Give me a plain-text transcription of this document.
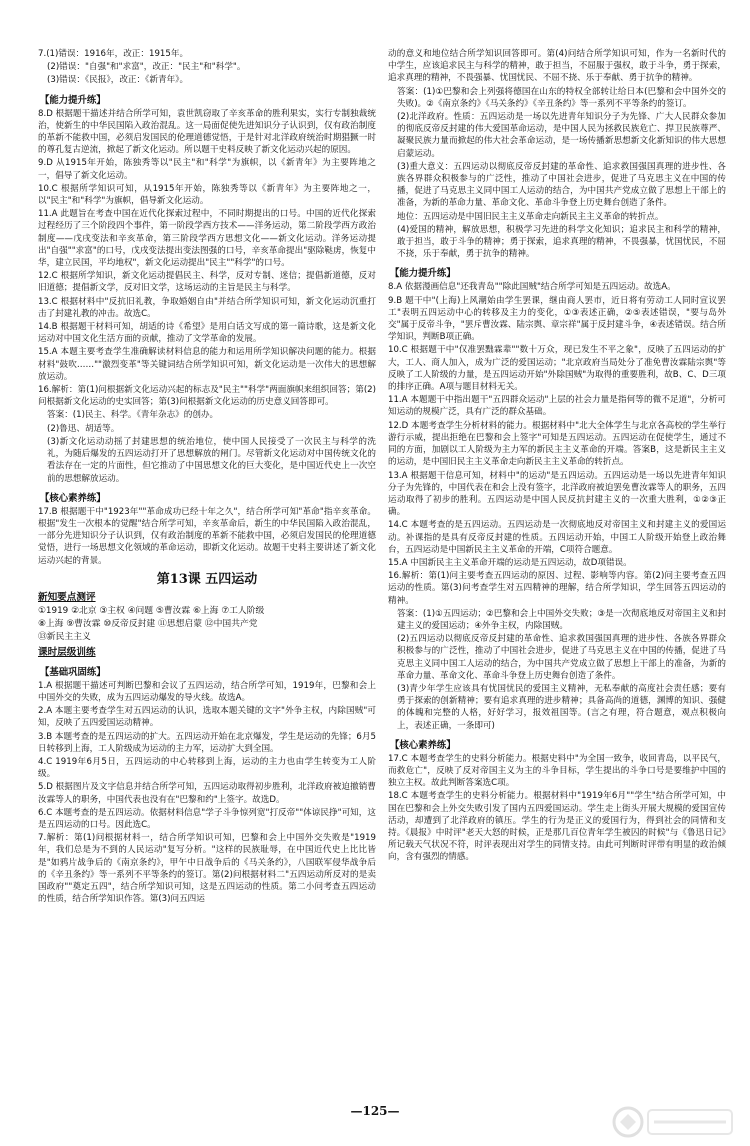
7.(1)错误：1916年，改正：1915年。
(2)错误："自强"和"求富"，改正："民主"和"科学"。
(3)错误：《民报》，改正：《新青年》。
【能力提升练】
8.D 根据题干描述并结合所学可知，袁世凯窃取了辛亥革命的胜利果实，实行专制独裁统治，使新生的中华民国陷入政治混乱。这一局面促使先进知识分子认识到，仅有政治制度的革新不能救中国，必须启发国民的伦理道德觉悟，于是针对北洋政府统治时期猖獗一时的尊孔复古逆流，掀起了新文化运动。所以题干史料反映了新文化运动兴起的原因。
9.D 从1915年开始，陈独秀等以"民主"和"科学"为旗帜，以《新青年》为主要阵地之一，倡导了新文化运动。
10.C 根据所学知识可知，从1915年开始，陈独秀等以《新青年》为主要阵地之一，以"民主"和"科学"为旗帜，倡导新文化运动。
11.A 此题旨在考查中国在近代化探索过程中，不同时期提出的口号。中国的近代化探索过程经历了三个阶段四个事件，第一阶段学西方技术——洋务运动，第二阶段学西方政治制度——戊戌变法和辛亥革命，第三阶段学西方思想文化——新文化运动。洋务运动提出"自强""求富"的口号，戊戌变法提出变法图强的口号，辛亥革命提出"驱除鞑虏，恢复中华，建立民国，平均地权"，新文化运动提出"民主""科学"的口号。
12.C 根据所学知识，新文化运动提倡民主、科学，反对专制、迷信；提倡新道德，反对旧道德；提倡新文学，反对旧文学，这场运动的主旨是民主与科学。
13.C 根据材料中"反抗旧礼教，争取婚姻自由"并结合所学知识可知，新文化运动沉重打击了封建礼教的冲击。故选C。
14.B 根据题干材料可知，胡适的诗《希望》是用白话文写成的第一篇诗歌，这是新文化运动对中国文化生活方面的贡献，推动了文学革命的发展。
15.A 本题主要考查学生准确解读材料信息的能力和运用所学知识解决问题的能力。根据材料"鼓吹……""激烈变革"等关键词结合所学知识可知，新文化运动是一次伟大的思想解放运动。
16.解析：第(1)问根据新文化运动兴起的标志及"民主""科学"两面旗帜来组织回答；第(2)问根据新文化运动的史实回答；第(3)问根据新文化运动的历史意义回答即可。
答案：(1)民主、科学。《青年杂志》的创办。
(2)鲁迅、胡适等。
(3)新文化运动动摇了封建思想的统治地位，使中国人民接受了一次民主与科学的洗礼，为随后爆发的五四运动打开了思想解放的闸门。尽管新文化运动对中国传统文化的看法存在一定的片面性，但它推动了中国思想文化的巨大变化，是中国近代史上一次空前的思想解放运动。
【核心素养练】
17.B 根据题干中"1923年""革命成功已经十年之久"，结合所学可知"革命"指辛亥革命。根据"发生一次根本的觉醒"结合所学可知，辛亥革命后，新生的中华民国陷入政治混乱，一部分先进知识分子认识到，仅有政治制度的革新不能救中国，必须启发国民的伦理道德觉悟，进行一场思想文化领域的革命运动，即新文化运动。故题干史料主要讲述了新文化运动兴起的背景。
第13课 五四运动
新知要点测评
①1919 ②北京 ③主权 ④问题 ⑤曹汝霖 ⑥上海 ⑦工人阶级
⑧上海 ⑨曹汝霖 ⑩反帝反封建 ⑪思想启蒙 ⑫中国共产党
⑬新民主主义
课时层级训练
【基础巩固练】
1.A 根据题干描述可判断巴黎和会议了五四运动，结合所学可知，1919年，巴黎和会上中国外交的失败，成为五四运动爆发的导火线。故选A。
2.A 本题主要考查学生对五四运动的认识，选取本题关键的文字"外争主权，内除国贼"可知，反映了五四爱国运动精神。
3.B 本题考查的是五四运动的扩大。五四运动开始在北京爆发，学生是运动的先锋；6月5日转移到上海，工人阶级成为运动的主力军，运动扩大到全国。
4.C 1919年6月5日，五四运动的中心转移到上海，运动的主力也由学生转变为工人阶级。
5.D 根据图片及文字信息并结合所学可知，五四运动取得初步胜利，北洋政府被迫撤销曹汝霖等人的职务，中国代表也没有在"巴黎和约"上签字。故选D。
6.C 本题考查的是五四运动。依据材料信息"学子斗争惊列宽"打反帝""体谅民挣"可知，这是五四运动的口号。因此选C。
7.解析：第(1)问根据材料一，结合所学知识可知，巴黎和会上中国外交失败是"1919年，我们总是为不到的人民运动"复写分析。"这样的民族耻辱，在中国近代史上比比皆是"如鸦片战争后的《南京条约》，甲午中日战争后的《马关条约》，八国联军侵华战争后的《辛丑条约》等一系列不平等条约的签订。第(2)问根据材料二"五四运动所反对的是卖国政府""奠定五四"，结合所学知识可知，这是五四运动的性质。第二小问考查五四运动的性质，结合所学知识作答。第(3)问五四运
动的意义和地位结合所学知识回答即可。第(4)问结合所学知识可知，作为一名新时代的中学生，应该追求民主与科学的精神，敢于担当，不屈服于强权，敢于斗争，勇于探索，追求真理的精神，不畏强暴、忧国忧民、不屈不挠、乐于奉献、勇于抗争的精神。
答案：(1)①巴黎和会上列强将德国在山东的特权全部转让给日本(巴黎和会中国外交的失败)。②《南京条约》《马关条约》《辛丑条约》等一系列不平等条约的签订。
(2)北洋政府。性质：五四运动是一场以先进青年知识分子为先锋、广大人民群众参加的彻底反帝反封建的伟大爱国革命运动，是中国人民为拯救民族危亡、捍卫民族尊严、凝聚民族力量而掀起的伟大社会革命运动，是一场传播新思想新文化新知识的伟大思想启蒙运动。
(3)重大意义：五四运动以彻底反帝反封建的革命性、追求救国强国真理的进步性、各族各界群众积极参与的广泛性，推动了中国社会进步，促进了马克思主义在中国的传播，促进了马克思主义同中国工人运动的结合，为中国共产党成立做了思想上干部上的准备，为新的革命力量、革命文化、革命斗争登上历史舞台创造了条件。
地位：五四运动是中国旧民主主义革命走向新民主主义革命的转折点。
(4)爱国的精神，解放思想，积极学习先进的科学文化知识；追求民主和科学的精神，敢于担当，敢于斗争的精神；勇于探索，追求真理的精神，不畏强暴，忧国忧民，不屈不挠，乐于奉献，勇于抗争的精神。
【能力提升练】
8.A 依据漫画信息"还我青岛""除此国贼"结合所学可知是五四运动。故选A。
9.B 题干中"(上海)上风潮始由学生罢课，继由商人罢市，近日将有劳动工人同时宣议罢工"表明五四运动中心的转移及主力的变化，①③表述正确，②⑤表述错误，"要与岛外交"属于反帝斗争，"罢斥曹汝霖、陆宗舆、章宗祥"属于反封建斗争，④表述错误。结合所学知识，判断B项正确。
10.C 根据题干中"仅准罢黜霖辈""数十万众，现已发生不平之象"，反映了五四运动的扩大，工人、商人加入，成为广泛的爱国运动；"北京政府当局处分了准免曹汝霖陆宗舆"等反映了工人阶级的力量，是五四运动开始"外除国贼"为取得的重要胜利，故B、C、D三项的排序正确。A项与题目材料无关。
11.A 本题题干中指出题干"五四群众运动"上层的社会力量是指何等的微不足道"，分析可知运动的规模广泛，具有广泛的群众基础。
12.D 本题考查学生分析材料的能力。根据材料中"北大全体学生与北京各高校的学生举行游行示威，提出拒绝在巴黎和会上签字"可知是五四运动。五四运动在促使学生，通过不同的方面，加剧以工人阶级为主力军的新民主主义革命的开端。答案B，这是新民主主义的运动，是中国旧民主主义革命走向新民主主义革命的转折点。
13.A 根据题干信息可知，材料中"的运动"是五四运动。五四运动是一场以先进青年知识分子为先锋的，中国代表在和会上没有签字，北洋政府被迫罢免曹汝霖等人的职务，五四运动取得了初步的胜利。五四运动是中国人民反抗封建主义的一次重大胜利，①②③正确。
14.C 本题考查的是五四运动。五四运动是一次彻底地反对帝国主义和封建主义的爱国运动。补课指的是具有反帝反封建的性质。五四运动开始，中国工人阶级开始登上政治舞台，五四运动是中国新民主主义革命的开端，C项符合题意。
15.A 中国新民主主义革命开端的运动是五四运动，故D项错误。
16.解析：第(1)问主要考查五四运动的原因、过程、影响等内容。第(2)问主要考查五四运动的性质。第(3)问考查学生对五四精神的理解，结合所学知识，学生回答五四运动的精神。
答案：(1)①五四运动；②巴黎和会上中国外交失败；③是一次彻底地反对帝国主义和封建主义的爱国运动；④外争主权，内除国贼。
(2)五四运动以彻底反帝反封建的革命性、追求救国强国真理的进步性、各族各界群众积极参与的广泛性，推动了中国社会进步，促进了马克思主义在中国的传播，促进了马克思主义同中国工人运动的结合，为中国共产党成立做了思想上干部上的准备，为新的革命力量、革命文化、革命斗争登上历史舞台创造了条件。
(3)青少年学生应该具有忧国忧民的爱国主义精神，无私奉献的高度社会责任感；要有勇于探索的创新精神；要有追求真理的进步精神；具备高尚的道德，渊博的知识、强健的体魄和完整的人格，好好学习，报效祖国等。(言之有理，符合题意，观点积极向上，表述正确，一条即可)
【核心素养练】
17.C 本题考查学生的史料分析能力。根据史料中"为全国一致争，收回青岛，以平民气，而救危亡"，反映了反对帝国主义为主的斗争目标，学生提出的斗争口号是要维护中国的独立主权。故此判断答案选C项。
18.C 本题考查学生的史料分析能力。根据材料中"1919年6月""学生"结合所学可知，中国在巴黎和会上外交失败引发了国内五四爱国运动。学生走上街头开展大规模的爱国宣传活动，却遭到了北洋政府的镇压。学生的行为是正义的爱国行为，得到社会的同情和支持。《晨报》中时评"老天大怒的时候，正是那几百位青年学生被囚的时候"与《鲁迅日记》所记载天气状况不符，时评表现出对学生的同情支持。由此可判断时评带有明显的政治倾向，含有强烈的情感。
—125—
